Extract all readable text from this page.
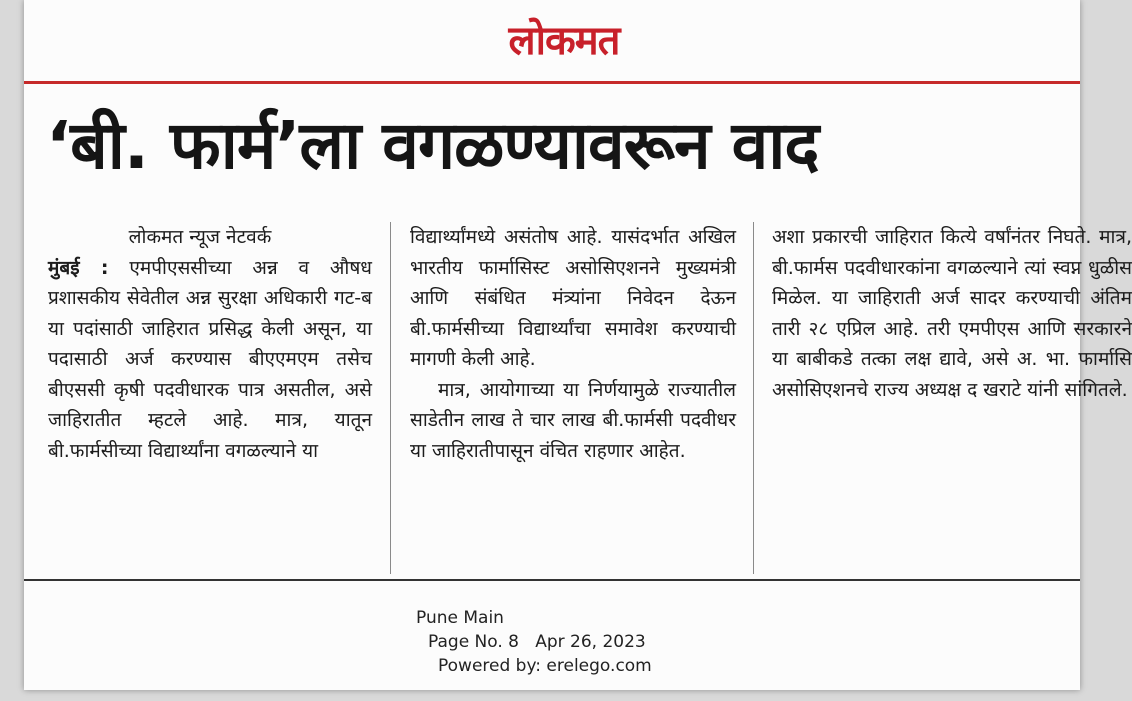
लोकमत
‘बी. फार्म’ला वगळण्यावरून वाद

लोकमत न्यूज नेटवर्क
मुंबई : एमपीएससीच्या अन्न व औषध प्रशासकीय सेवेतील अन्न सुरक्षा अधिकारी गट-ब या पदांसाठी जाहिरात प्रसिद्ध केली असून, या पदासाठी अर्ज करण्यास बीएएमएम तसेच बीएससी कृषी पदवीधारक पात्र असतील, असे जाहिरातीत म्हटले आहे. मात्र, यातून बी.फार्मसीच्या विद्यार्थ्यांना वगळल्याने या

विद्यार्थ्यांमध्ये असंतोष आहे. यासंदर्भात अखिल भारतीय फार्मासिस्ट असोसिएशनने मुख्यमंत्री आणि संबंधित मंत्र्यांना निवेदन देऊन बी.फार्मसीच्या विद्यार्थ्यांचा समावेश करण्याची मागणी केली आहे.

मात्र, आयोगाच्या या निर्णयामुळे राज्यातील साडेतीन लाख ते चार लाख बी.फार्मसी पदवीधर या जाहिरातीपासून वंचित राहणार आहेत.

अशा प्रकारची जाहिरात कित्ये वर्षांनंतर निघते. मात्र, बी.फार्मस पदवीधारकांना वगळल्याने त्यां स्वप्न धुळीस मिळेल. या जाहिराती अर्ज सादर करण्याची अंतिम तारी २८ एप्रिल आहे. तरी एमपीएस आणि सरकारने या बाबीकडे तत्का लक्ष द्यावे, असे अ. भा. फार्मासि असोसिएशनचे राज्य अध्यक्ष द खराटे यांनी सांगितले.

Pune Main
Page No. 8   Apr 26, 2023
Powered by: erelego.com
